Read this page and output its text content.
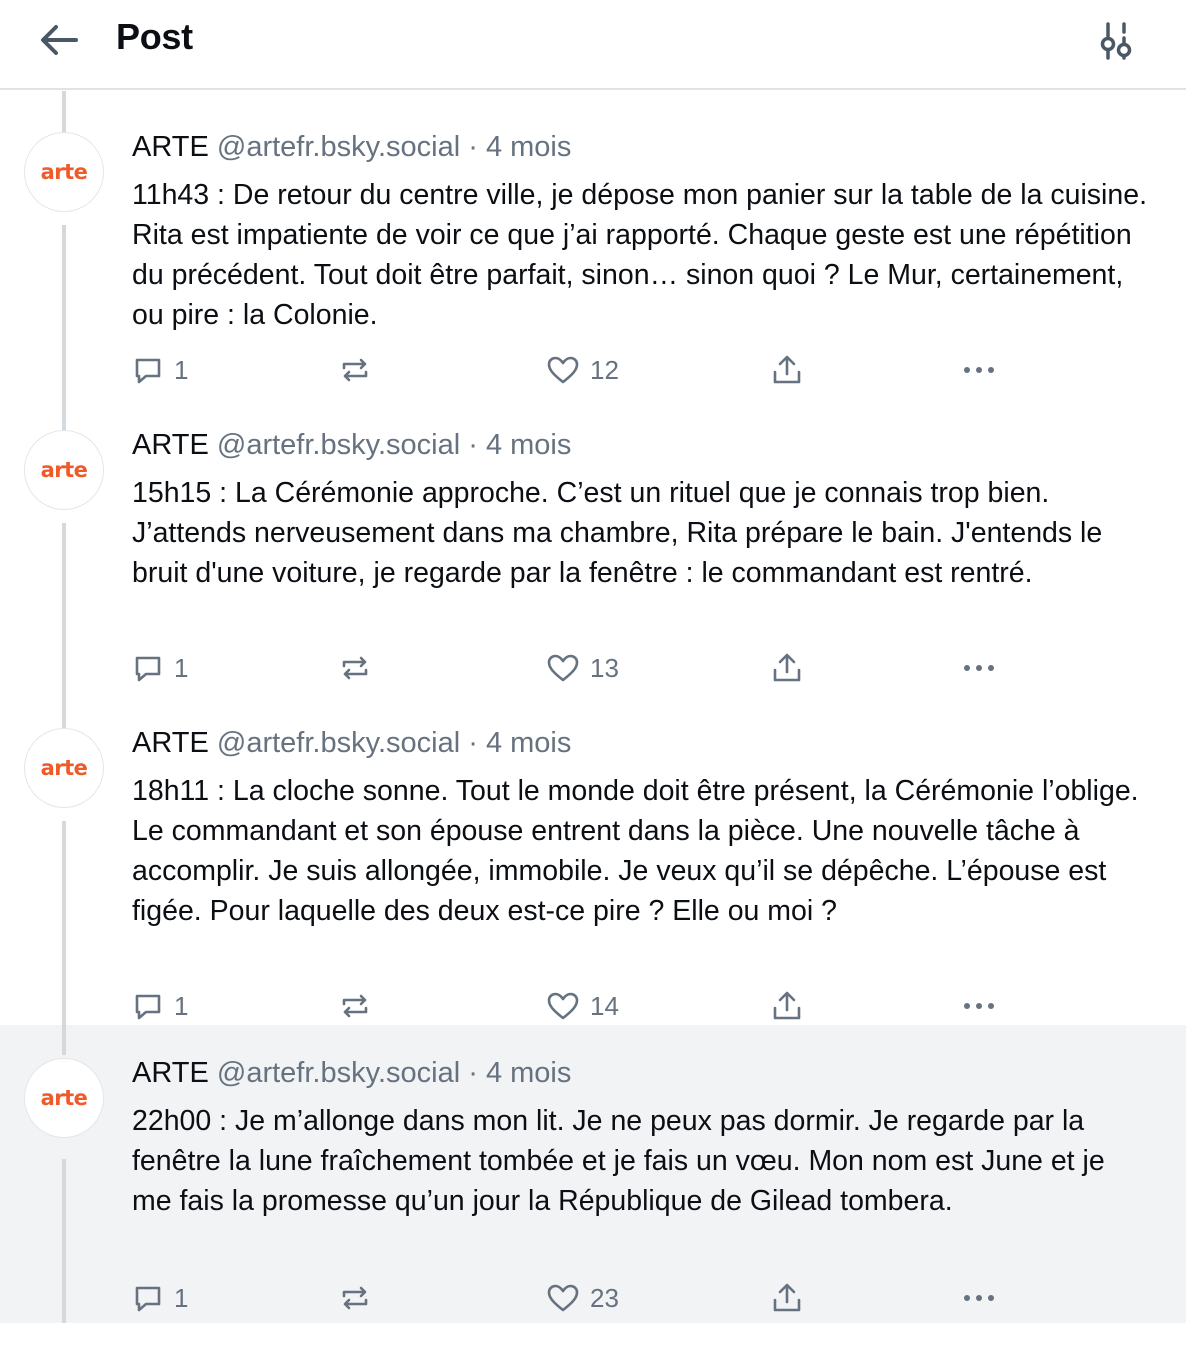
Post
arte
ARTE @artefr.bsky.social · 4 mois
11h43 : De retour du centre ville, je dépose mon panier sur la table de la cuisine. Rita est impatiente de voir ce que j’ai rapporté. Chaque geste est une répétition du précédent. Tout doit être parfait, sinon… sinon quoi ? Le Mur, certainement, ou pire : la Colonie.
1	12
arte
ARTE @artefr.bsky.social · 4 mois
15h15 : La Cérémonie approche. C’est un rituel que je connais trop bien. J’attends nerveusement dans ma chambre, Rita prépare le bain. J'entends le bruit d'une voiture, je regarde par la fenêtre : le commandant est rentré.
1	13
arte
ARTE @artefr.bsky.social · 4 mois
18h11 : La cloche sonne. Tout le monde doit être présent, la Cérémonie l’oblige. Le commandant et son épouse entrent dans la pièce. Une nouvelle tâche à accomplir. Je suis allongée, immobile. Je veux qu’il se dépêche. L’épouse est figée. Pour laquelle des deux est-ce pire ? Elle ou moi ?
1	14
arte
ARTE @artefr.bsky.social · 4 mois
22h00 : Je m’allonge dans mon lit. Je ne peux pas dormir. Je regarde par la fenêtre la lune fraîchement tombée et je fais un vœu. Mon nom est June et je me fais la promesse qu’un jour la République de Gilead tombera.
1	23
